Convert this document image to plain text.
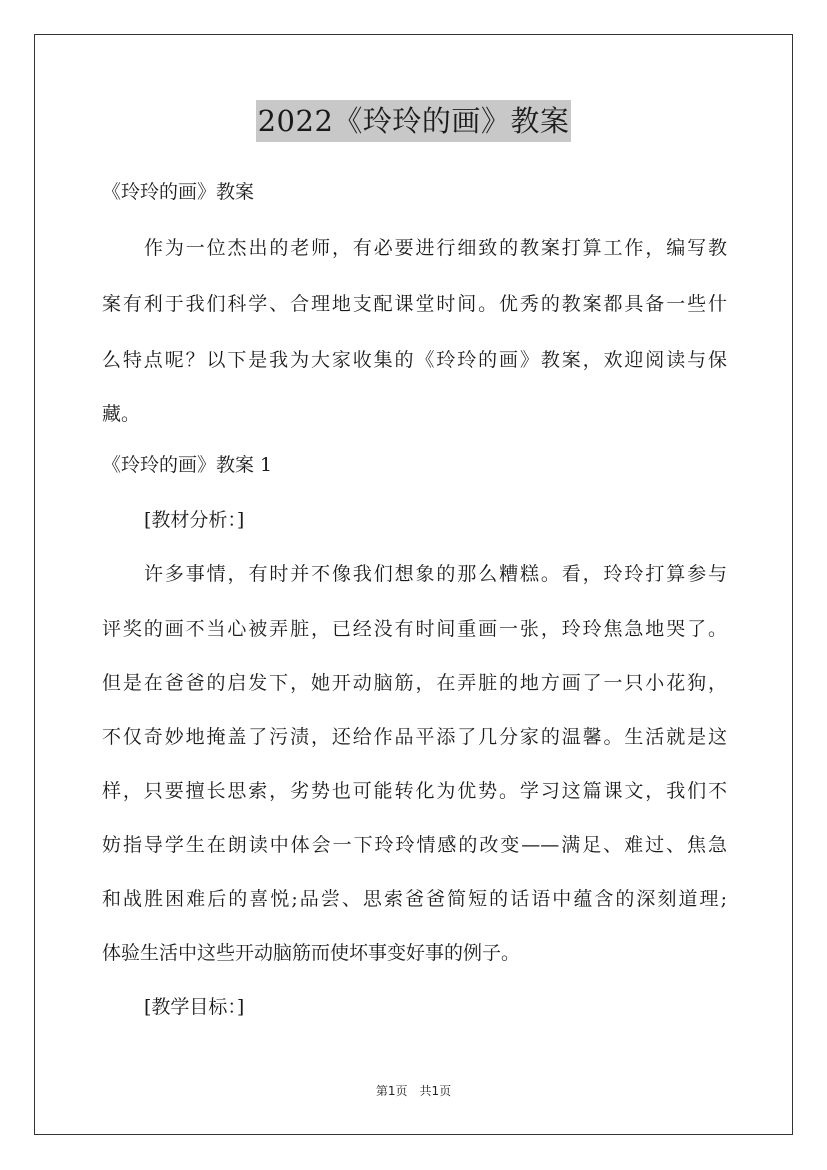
2022《玲玲的画》教案
《玲玲的画》教案
作为一位杰出的老师，有必要进行细致的教案打算工作，编写教
案有利于我们科学、合理地支配课堂时间。优秀的教案都具备一些什
么特点呢？以下是我为大家收集的《玲玲的画》教案，欢迎阅读与保
藏。
《玲玲的画》教案 1
[教材分析：]
许多事情，有时并不像我们想象的那么糟糕。看，玲玲打算参与
评奖的画不当心被弄脏，已经没有时间重画一张，玲玲焦急地哭了。
但是在爸爸的启发下，她开动脑筋，在弄脏的地方画了一只小花狗，
不仅奇妙地掩盖了污渍，还给作品平添了几分家的温馨。生活就是这
样，只要擅长思索，劣势也可能转化为优势。学习这篇课文，我们不
妨指导学生在朗读中体会一下玲玲情感的改变——满足、难过、焦急
和战胜困难后的喜悦;品尝、思索爸爸简短的话语中蕴含的深刻道理;
体验生活中这些开动脑筋而使坏事变好事的例子。
[教学目标：]
第1页 共1页
